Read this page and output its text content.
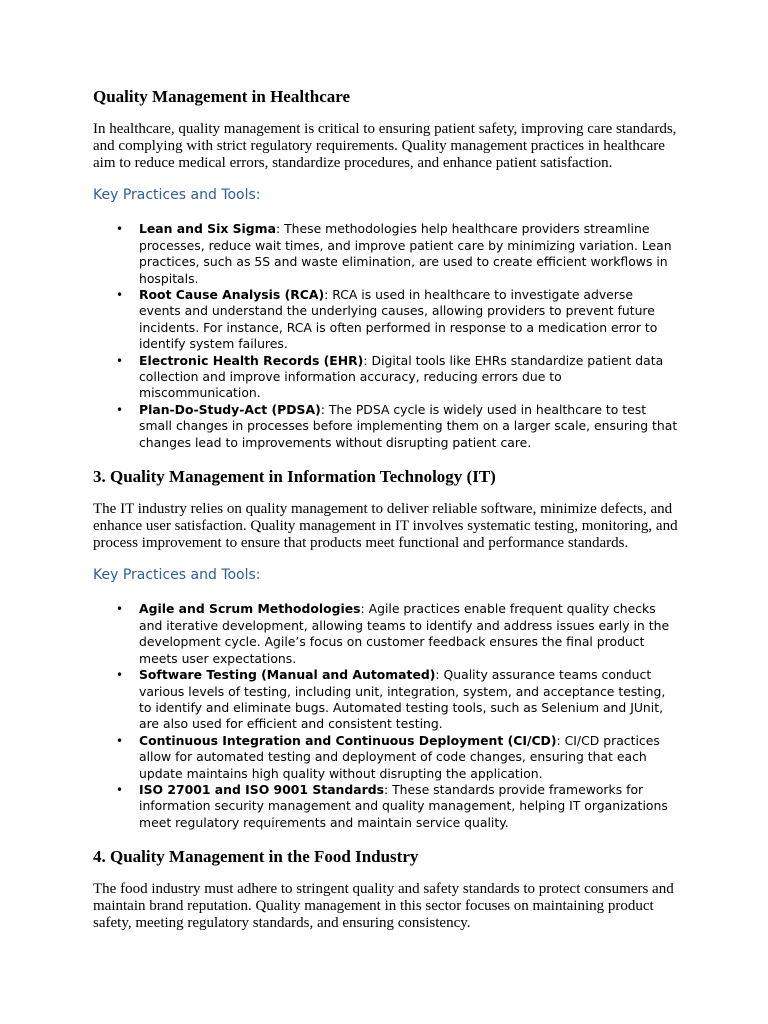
Quality Management in Healthcare

In healthcare, quality management is critical to ensuring patient safety, improving care standards, and complying with strict regulatory requirements. Quality management practices in healthcare aim to reduce medical errors, standardize procedures, and enhance patient satisfaction.

Key Practices and Tools:

• Lean and Six Sigma: These methodologies help healthcare providers streamline processes, reduce wait times, and improve patient care by minimizing variation. Lean practices, such as 5S and waste elimination, are used to create efficient workflows in hospitals.
• Root Cause Analysis (RCA): RCA is used in healthcare to investigate adverse events and understand the underlying causes, allowing providers to prevent future incidents. For instance, RCA is often performed in response to a medication error to identify system failures.
• Electronic Health Records (EHR): Digital tools like EHRs standardize patient data collection and improve information accuracy, reducing errors due to miscommunication.
• Plan-Do-Study-Act (PDSA): The PDSA cycle is widely used in healthcare to test small changes in processes before implementing them on a larger scale, ensuring that changes lead to improvements without disrupting patient care.
3. Quality Management in Information Technology (IT)

The IT industry relies on quality management to deliver reliable software, minimize defects, and enhance user satisfaction. Quality management in IT involves systematic testing, monitoring, and process improvement to ensure that products meet functional and performance standards.

Key Practices and Tools:

• Agile and Scrum Methodologies: Agile practices enable frequent quality checks and iterative development, allowing teams to identify and address issues early in the development cycle. Agile’s focus on customer feedback ensures the final product meets user expectations.
• Software Testing (Manual and Automated): Quality assurance teams conduct various levels of testing, including unit, integration, system, and acceptance testing, to identify and eliminate bugs. Automated testing tools, such as Selenium and JUnit, are also used for efficient and consistent testing.
• Continuous Integration and Continuous Deployment (CI/CD): CI/CD practices allow for automated testing and deployment of code changes, ensuring that each update maintains high quality without disrupting the application.
• ISO 27001 and ISO 9001 Standards: These standards provide frameworks for information security management and quality management, helping IT organizations meet regulatory requirements and maintain service quality.
4. Quality Management in the Food Industry

The food industry must adhere to stringent quality and safety standards to protect consumers and maintain brand reputation. Quality management in this sector focuses on maintaining product safety, meeting regulatory standards, and ensuring consistency.
